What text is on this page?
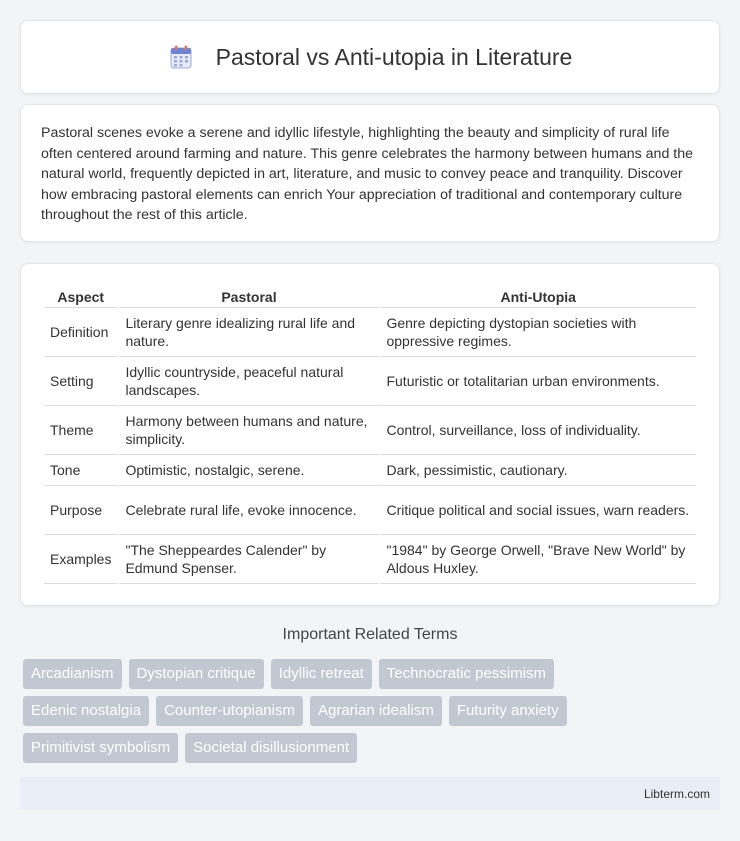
Pastoral vs Anti-utopia in Literature

Pastoral scenes evoke a serene and idyllic lifestyle, highlighting the beauty and simplicity of rural life often centered around farming and nature. This genre celebrates the harmony between humans and the natural world, frequently depicted in art, literature, and music to convey peace and tranquility. Discover how embracing pastoral elements can enrich Your appreciation of traditional and contemporary culture throughout the rest of this article.

Aspect	Pastoral	Anti-Utopia
Definition	Literary genre idealizing rural life and nature.	Genre depicting dystopian societies with oppressive regimes.
Setting	Idyllic countryside, peaceful natural landscapes.	Futuristic or totalitarian urban environments.
Theme	Harmony between humans and nature, simplicity.	Control, surveillance, loss of individuality.
Tone	Optimistic, nostalgic, serene.	Dark, pessimistic, cautionary.
Purpose	Celebrate rural life, evoke innocence.	Critique political and social issues, warn readers.
Examples	"The Sheppeardes Calender" by Edmund Spenser.	"1984" by George Orwell, "Brave New World" by Aldous Huxley.
Important Related Terms
Arcadianism	Dystopian critique	Idyllic retreat	Technocratic pessimism
Edenic nostalgia	Counter-utopianism	Agrarian idealism	Futurity anxiety
Primitivist symbolism	Societal disillusionment
Libterm.com
